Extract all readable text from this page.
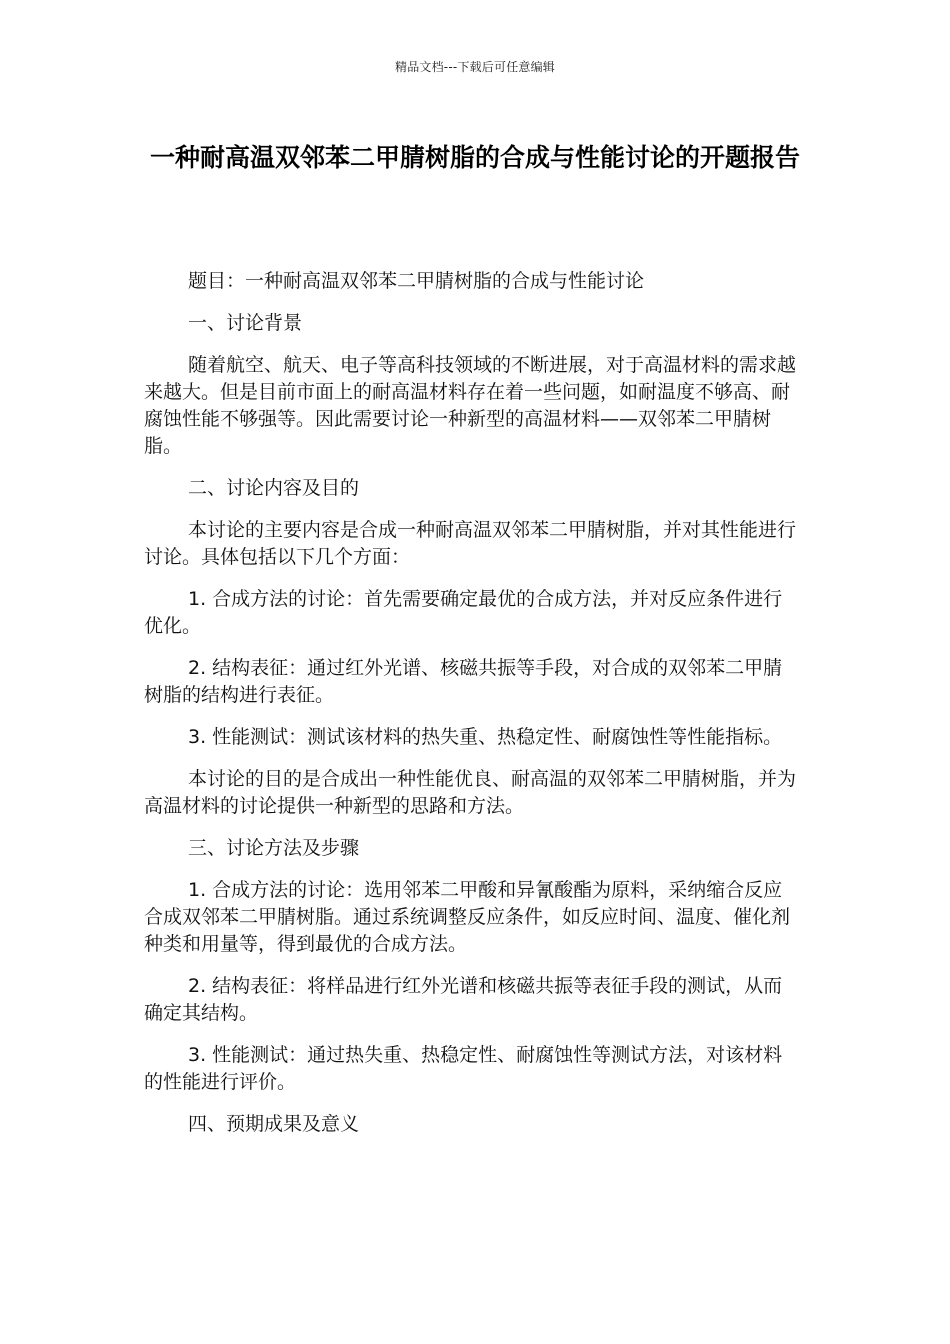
精品文档---下载后可任意编辑
一种耐高温双邻苯二甲腈树脂的合成与性能讨论的开题报告

题目：一种耐高温双邻苯二甲腈树脂的合成与性能讨论

一、讨论背景

随着航空、航天、电子等高科技领域的不断进展，对于高温材料的需求越来越大。但是目前市面上的耐高温材料存在着一些问题，如耐温度不够高、耐腐蚀性能不够强等。因此需要讨论一种新型的高温材料——双邻苯二甲腈树脂。

二、讨论内容及目的

本讨论的主要内容是合成一种耐高温双邻苯二甲腈树脂，并对其性能进行讨论。具体包括以下几个方面：

1. 合成方法的讨论：首先需要确定最优的合成方法，并对反应条件进行优化。

2. 结构表征：通过红外光谱、核磁共振等手段，对合成的双邻苯二甲腈树脂的结构进行表征。

3. 性能测试：测试该材料的热失重、热稳定性、耐腐蚀性等性能指标。

本讨论的目的是合成出一种性能优良、耐高温的双邻苯二甲腈树脂，并为高温材料的讨论提供一种新型的思路和方法。

三、讨论方法及步骤

1. 合成方法的讨论：选用邻苯二甲酸和异氰酸酯为原料，采纳缩合反应合成双邻苯二甲腈树脂。通过系统调整反应条件，如反应时间、温度、催化剂种类和用量等，得到最优的合成方法。

2. 结构表征：将样品进行红外光谱和核磁共振等表征手段的测试，从而确定其结构。

3. 性能测试：通过热失重、热稳定性、耐腐蚀性等测试方法，对该材料的性能进行评价。

四、预期成果及意义
